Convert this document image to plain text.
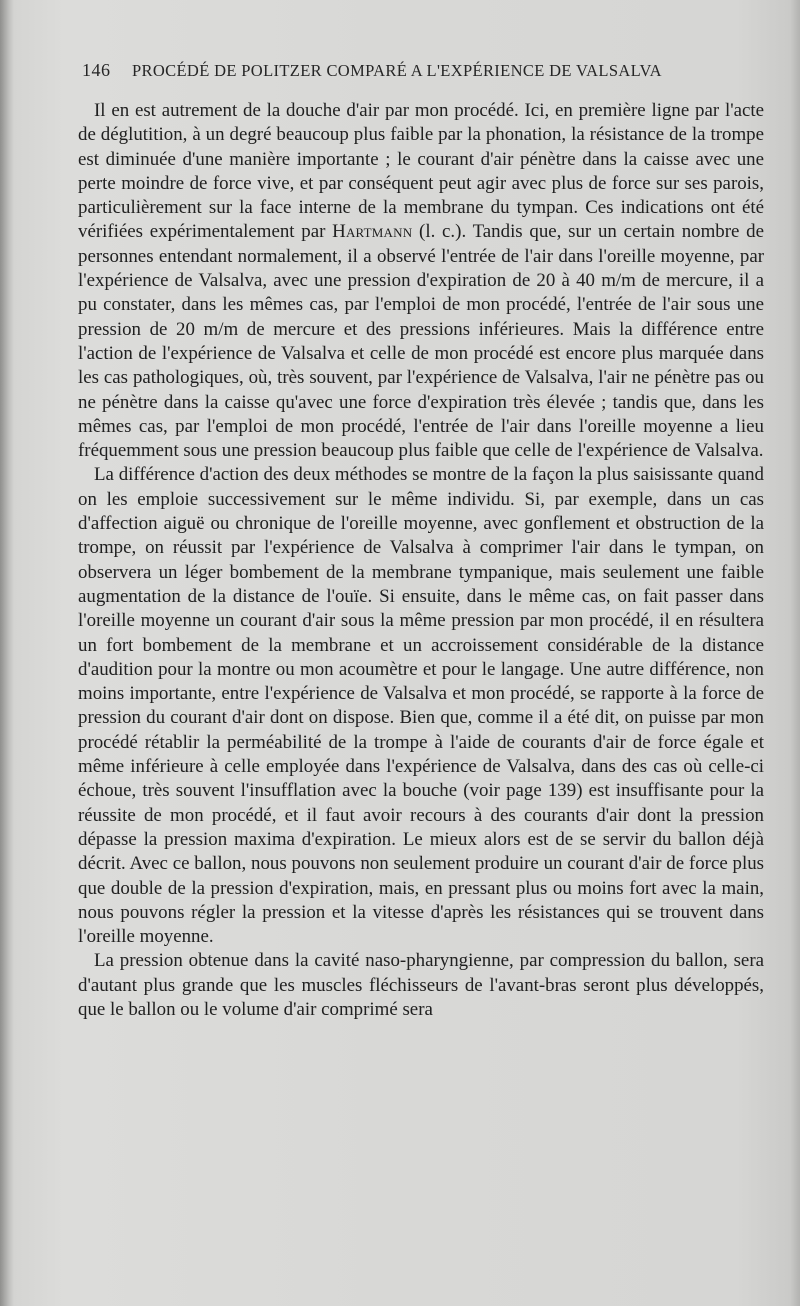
146 PROCÉDÉ DE POLITZER COMPARÉ A L'EXPÉRIENCE DE VALSALVA

Il en est autrement de la douche d'air par mon procédé. Ici, en première ligne par l'acte de déglutition, à un degré beaucoup plus faible par la phonation, la résistance de la trompe est diminuée d'une manière importante ; le courant d'air pénètre dans la caisse avec une perte moindre de force vive, et par conséquent peut agir avec plus de force sur ses parois, particulièrement sur la face interne de la membrane du tympan. Ces indications ont été vérifiées expérimentalement par Hartmann (l. c.). Tandis que, sur un certain nombre de personnes entendant normalement, il a observé l'entrée de l'air dans l'oreille moyenne, par l'expérience de Valsalva, avec une pression d'expiration de 20 à 40 m/m de mercure, il a pu constater, dans les mêmes cas, par l'emploi de mon procédé, l'entrée de l'air sous une pression de 20 m/m de mercure et des pressions inférieures. Mais la différence entre l'action de l'expérience de Valsalva et celle de mon procédé est encore plus marquée dans les cas pathologiques, où, très souvent, par l'expérience de Valsalva, l'air ne pénètre pas ou ne pénètre dans la caisse qu'avec une force d'expiration très élevée ; tandis que, dans les mêmes cas, par l'emploi de mon procédé, l'entrée de l'air dans l'oreille moyenne a lieu fréquemment sous une pression beaucoup plus faible que celle de l'expérience de Valsalva.

La différence d'action des deux méthodes se montre de la façon la plus saisissante quand on les emploie successivement sur le même individu. Si, par exemple, dans un cas d'affection aiguë ou chronique de l'oreille moyenne, avec gonflement et obstruction de la trompe, on réussit par l'expérience de Valsalva à comprimer l'air dans le tympan, on observera un léger bombement de la membrane tympanique, mais seulement une faible augmentation de la distance de l'ouïe. Si ensuite, dans le même cas, on fait passer dans l'oreille moyenne un courant d'air sous la même pression par mon procédé, il en résultera un fort bombement de la membrane et un accroissement considérable de la distance d'audition pour la montre ou mon acoumètre et pour le langage. Une autre différence, non moins importante, entre l'expérience de Valsalva et mon procédé, se rapporte à la force de pression du courant d'air dont on dispose. Bien que, comme il a été dit, on puisse par mon procédé rétablir la perméabilité de la trompe à l'aide de courants d'air de force égale et même inférieure à celle employée dans l'expérience de Valsalva, dans des cas où celle-ci échoue, très souvent l'insufflation avec la bouche (voir page 139) est insuffisante pour la réussite de mon procédé, et il faut avoir recours à des courants d'air dont la pression dépasse la pression maxima d'expiration. Le mieux alors est de se servir du ballon déjà décrit. Avec ce ballon, nous pouvons non seulement produire un courant d'air de force plus que double de la pression d'expiration, mais, en pressant plus ou moins fort avec la main, nous pouvons régler la pression et la vitesse d'après les résistances qui se trouvent dans l'oreille moyenne.

La pression obtenue dans la cavité naso-pharyngienne, par compression du ballon, sera d'autant plus grande que les muscles fléchisseurs de l'avant-bras seront plus développés, que le ballon ou le volume d'air comprimé sera
